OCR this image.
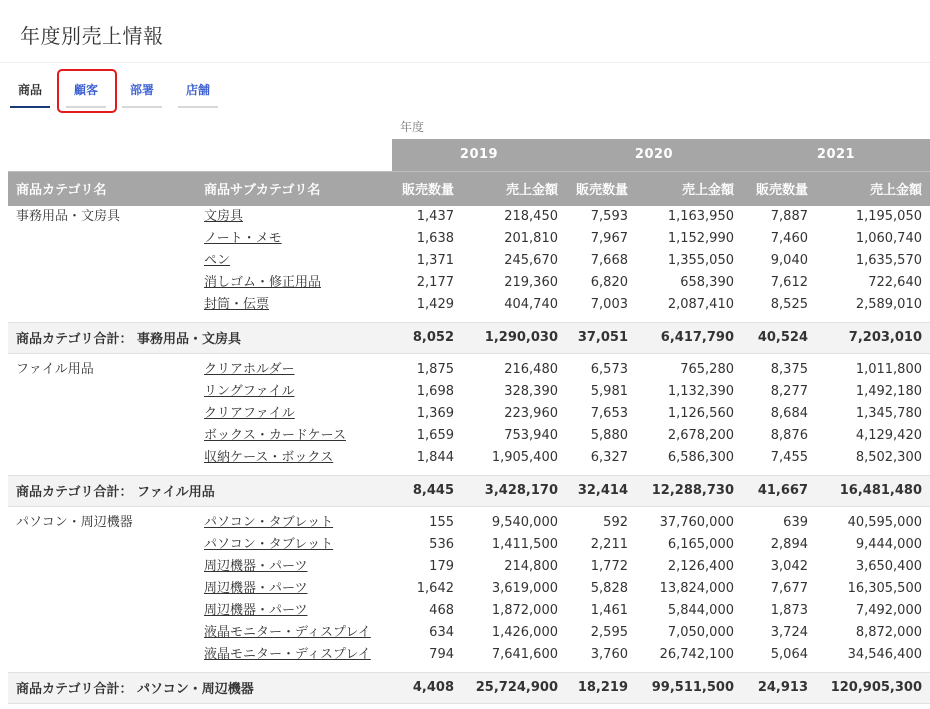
年度別売上情報
商品	顧客	部署	店舗
年度
		2019		2020		2021	
商品カテゴリ名	商品サブカテゴリ名	販売数量	売上金額	販売数量	売上金額	販売数量	売上金額
事務用品・文房具	文房具	1,437	218,450	7,593	1,163,950	7,887	1,195,050
	ノート・メモ	1,638	201,810	7,967	1,152,990	7,460	1,060,740
	ペン	1,371	245,670	7,668	1,355,050	9,040	1,635,570
	消しゴム・修正用品	2,177	219,360	6,820	658,390	7,612	722,640
	封筒・伝票	1,429	404,740	7,003	2,087,410	8,525	2,589,010

商品カテゴリ合計： 事務用品・文房具		8,052	1,290,030	37,051	6,417,790	40,524	7,203,010

ファイル用品	クリアホルダー	1,875	216,480	6,573	765,280	8,375	1,011,800
	リングファイル	1,698	328,390	5,981	1,132,390	8,277	1,492,180
	クリアファイル	1,369	223,960	7,653	1,126,560	8,684	1,345,780
	ボックス・カードケース	1,659	753,940	5,880	2,678,200	8,876	4,129,420
	収納ケース・ボックス	1,844	1,905,400	6,327	6,586,300	7,455	8,502,300

商品カテゴリ合計： ファイル用品		8,445	3,428,170	32,414	12,288,730	41,667	16,481,480

パソコン・周辺機器	パソコン・タブレット	155	9,540,000	592	37,760,000	639	40,595,000
	パソコン・タブレット	536	1,411,500	2,211	6,165,000	2,894	9,444,000
	周辺機器・パーツ	179	214,800	1,772	2,126,400	3,042	3,650,400
	周辺機器・パーツ	1,642	3,619,000	5,828	13,824,000	7,677	16,305,500
	周辺機器・パーツ	468	1,872,000	1,461	5,844,000	1,873	7,492,000
	液晶モニター・ディスプレイ	634	1,426,000	2,595	7,050,000	3,724	8,872,000
	液晶モニター・ディスプレイ	794	7,641,600	3,760	26,742,100	5,064	34,546,400

商品カテゴリ合計： パソコン・周辺機器		4,408	25,724,900	18,219	99,511,500	24,913	120,905,300
